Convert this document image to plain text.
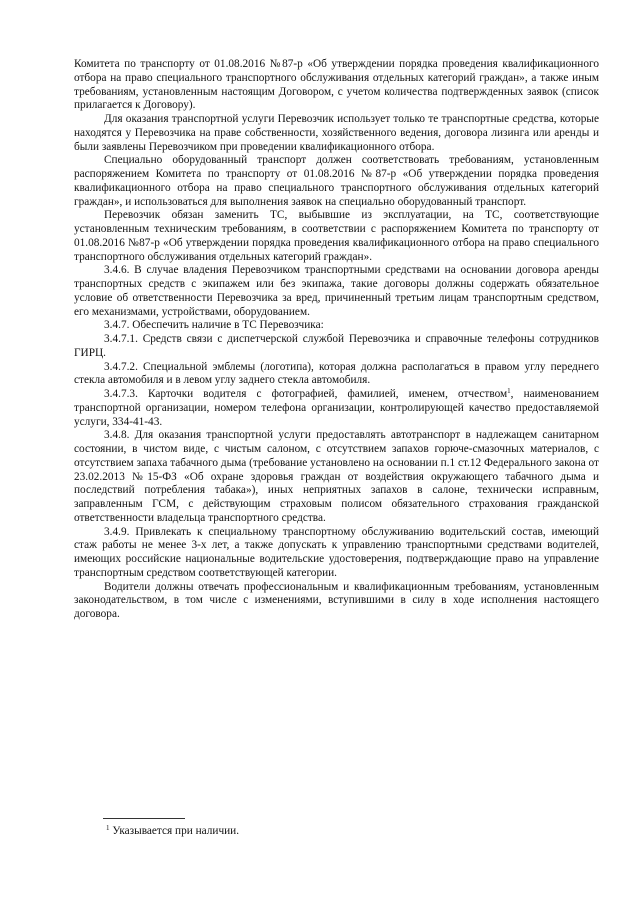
Комитета по транспорту от 01.08.2016 №87-р «Об утверждении порядка проведения квалификационного отбора на право специального транспортного обслуживания отдельных категорий граждан», а также иным требованиям, установленным настоящим Договором, с учетом количества подтвержденных заявок (список прилагается к Договору).

Для оказания транспортной услуги Перевозчик использует только те транспортные средства, которые находятся у Перевозчика на праве собственности, хозяйственного ведения, договора лизинга или аренды и были заявлены Перевозчиком при проведении квалификационного отбора.

Специально оборудованный транспорт должен соответствовать требованиям, установленным распоряжением Комитета по транспорту от 01.08.2016 №87-р «Об утверждении порядка проведения квалификационного отбора на право специального транспортного обслуживания отдельных категорий граждан», и использоваться для выполнения заявок на специально оборудованный транспорт.

Перевозчик обязан заменить ТС, выбывшие из эксплуатации, на ТС, соответствующие установленным техническим требованиям, в соответствии с распоряжением Комитета по транспорту от 01.08.2016 №87-р «Об утверждении порядка проведения квалификационного отбора на право специального транспортного обслуживания отдельных категорий граждан».

3.4.6. В случае владения Перевозчиком транспортными средствами на основании договора аренды транспортных средств с экипажем или без экипажа, такие договоры должны содержать обязательное условие об ответственности Перевозчика за вред, причиненный третьим лицам транспортным средством, его механизмами, устройствами, оборудованием.

3.4.7. Обеспечить наличие в ТС Перевозчика:

3.4.7.1. Средств связи с диспетчерской службой Перевозчика и справочные телефоны сотрудников ГИРЦ.

3.4.7.2. Специальной эмблемы (логотипа), которая должна располагаться в правом углу переднего стекла автомобиля и в левом углу заднего стекла автомобиля.

3.4.7.3. Карточки водителя с фотографией, фамилией, именем, отчеством$^1$, наименованием транспортной организации, номером телефона организации, контролирующей качество предоставляемой услуги, 334-41-43.

3.4.8. Для оказания транспортной услуги предоставлять автотранспорт в надлежащем санитарном состоянии, в чистом виде, с чистым салоном, с отсутствием запахов горюче-смазочных материалов, с отсутствием запаха табачного дыма (требование установлено на основании п.1 ст.12 Федерального закона от 23.02.2013 №15-ФЗ «Об охране здоровья граждан от воздействия окружающего табачного дыма и последствий потребления табака»), иных неприятных запахов в салоне, технически исправным, заправленным ГСМ, с действующим страховым полисом обязательного страхования гражданской ответственности владельца транспортного средства.

3.4.9. Привлекать к специальному транспортному обслуживанию водительский состав, имеющий стаж работы не менее 3-х лет, а также допускать к управлению транспортными средствами водителей, имеющих российские национальные водительские удостоверения, подтверждающие право на управление транспортным средством соответствующей категории.

Водители должны отвечать профессиональным и квалификационным требованиям, установленным законодательством, в том числе с изменениями, вступившими в силу в ходе исполнения настоящего договора.

$^1$ Указывается при наличии.
